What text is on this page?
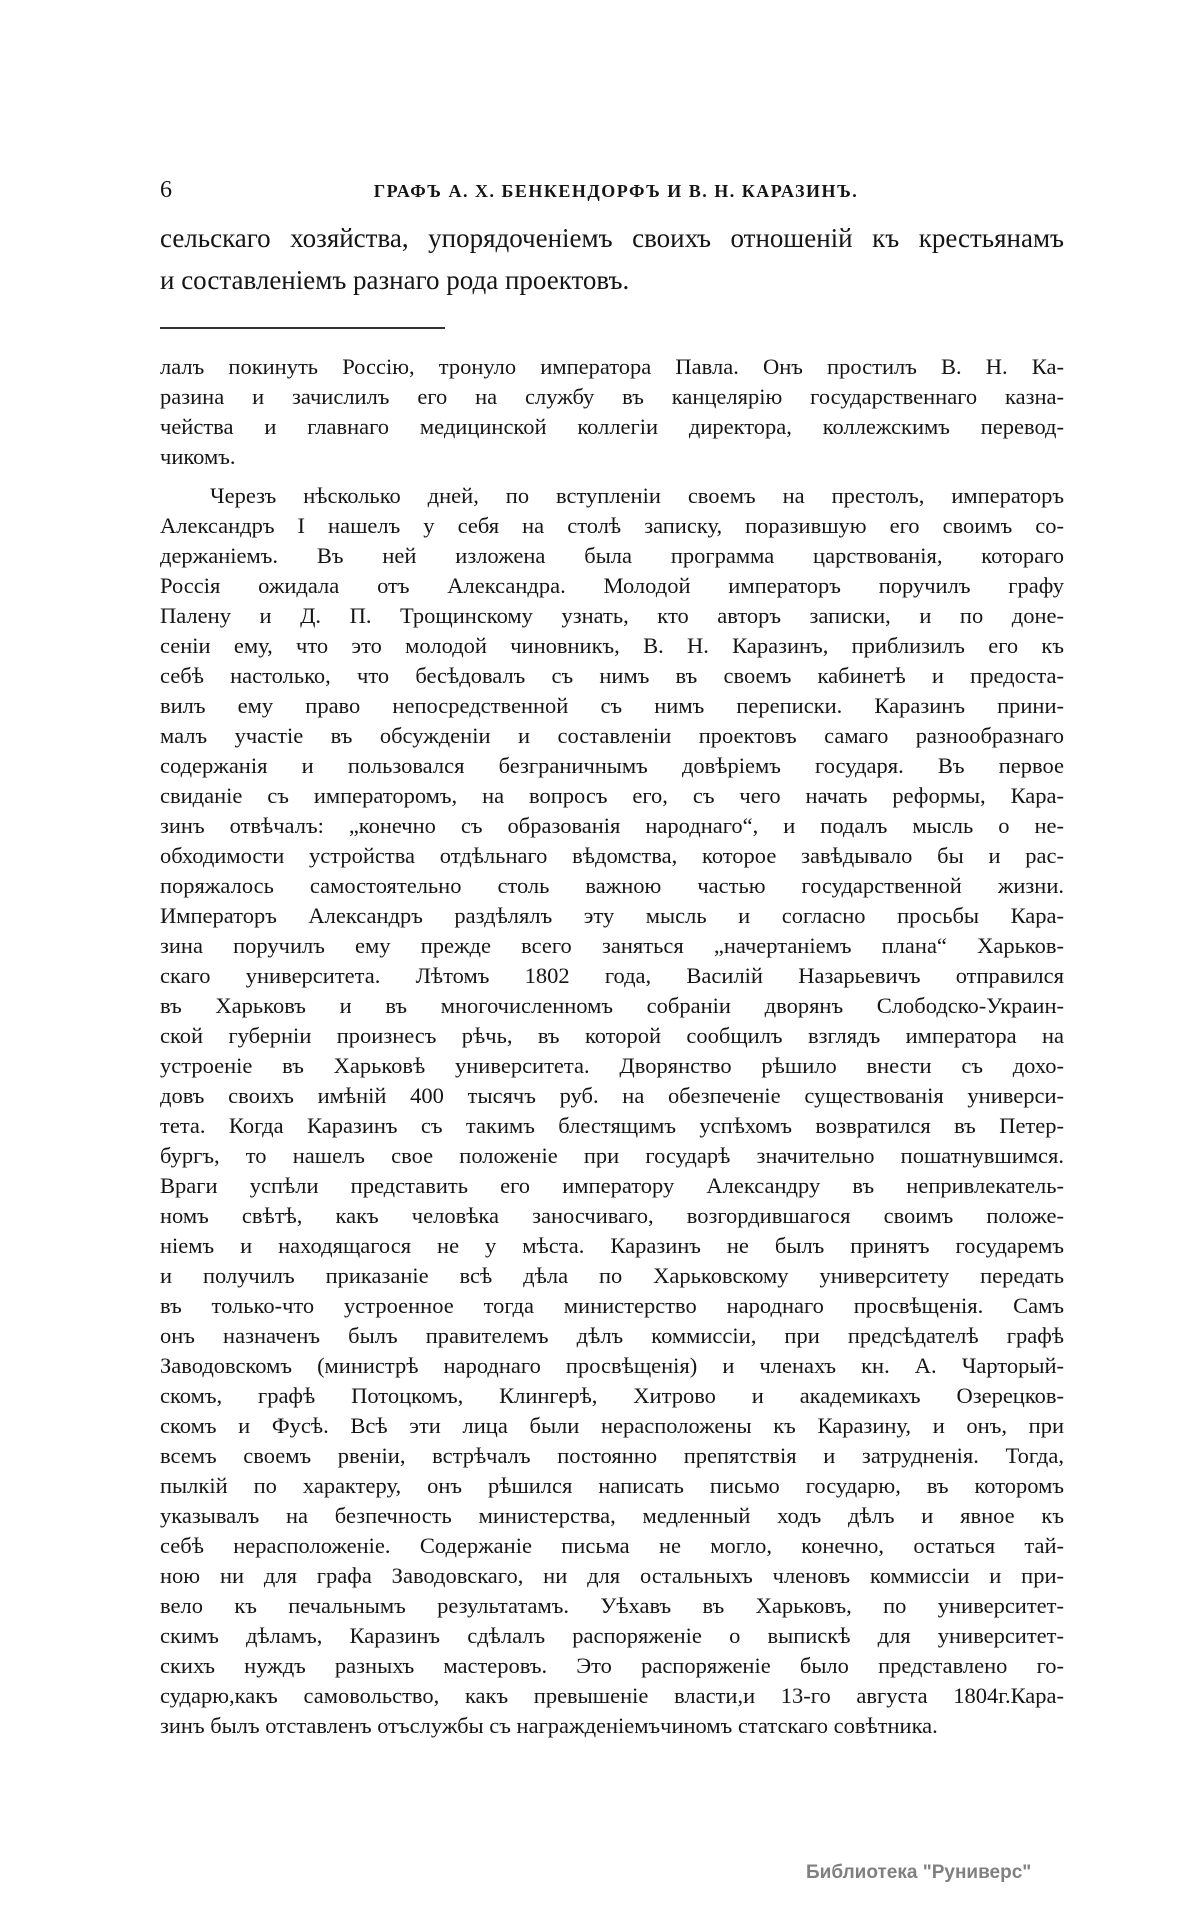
6	ГРАФЪ А. Х. БЕНКЕНДОРФЪ И В. Н. КАРАЗИНЪ.
сельскаго хозяйства, упорядоченіемъ своихъ отношеній къ крестьянамъ
и составленіемъ разнаго рода проектовъ.
лалъ покинуть Россію, тронуло императора Павла. Онъ простилъ В. Н. Ка-
разина и зачислилъ его на службу въ канцелярію государственнаго казна-
чейства и главнаго медицинской коллегіи директора, коллежскимъ перевод-
чикомъ.
Черезъ нѣсколько дней, по вступленіи своемъ на престолъ, императоръ
Александръ I нашелъ у себя на столѣ записку, поразившую его своимъ со-
держаніемъ. Въ ней изложена была программа царствованія, котораго
Россія ожидала отъ Александра. Молодой императоръ поручилъ графу
Палену и Д. П. Трощинскому узнать, кто авторъ записки, и по доне-
сеніи ему, что это молодой чиновникъ, В. Н. Каразинъ, приблизилъ его къ
себѣ настолько, что бесѣдовалъ съ нимъ въ своемъ кабинетѣ и предоста-
вилъ ему право непосредственной съ нимъ переписки. Каразинъ прини-
малъ участіе въ обсужденіи и составленіи проектовъ самаго разнообразнаго
содержанія и пользовался безграничнымъ довѣріемъ государя. Въ первое
свиданіе съ императоромъ, на вопросъ его, съ чего начать реформы, Кара-
зинъ отвѣчалъ: „конечно съ образованія народнаго“, и подалъ мысль о не-
обходимости устройства отдѣльнаго вѣдомства, которое завѣдывало бы и рас-
поряжалось самостоятельно столь важною частью государственной жизни.
Императоръ Александръ раздѣлялъ эту мысль и согласно просьбы Кара-
зина поручилъ ему прежде всего заняться „начертаніемъ плана“ Харьков-
скаго университета. Лѣтомъ 1802 года, Василій Назарьевичъ отправился
въ Харьковъ и въ многочисленномъ собраніи дворянъ Слободско-Украин-
ской губерніи произнесъ рѣчь, въ которой сообщилъ взглядъ императора на
устроеніе въ Харьковѣ университета. Дворянство рѣшило внести съ дохо-
довъ своихъ имѣній 400 тысячъ руб. на обезпеченіе существованія универси-
тета. Когда Каразинъ съ такимъ блестящимъ успѣхомъ возвратился въ Петер-
бургъ, то нашелъ свое положеніе при государѣ значительно пошатнувшимся.
Враги успѣли представить его императору Александру въ непривлекатель-
номъ свѣтѣ, какъ человѣка заносчиваго, возгордившагося своимъ положе-
ніемъ и находящагося не у мѣста. Каразинъ не былъ принятъ государемъ
и получилъ приказаніе всѣ дѣла по Харьковскому университету передать
въ только-что устроенное тогда министерство народнаго просвѣщенія. Самъ
онъ назначенъ былъ правителемъ дѣлъ коммиссіи, при предсѣдателѣ графѣ
Заводовскомъ (министрѣ народнаго просвѣщенія) и членахъ кн. А. Чарторый-
скомъ, графѣ Потоцкомъ, Клингерѣ, Хитрово и академикахъ Озерецков-
скомъ и Фусѣ. Всѣ эти лица были нерасположены къ Каразину, и онъ, при
всемъ своемъ рвеніи, встрѣчалъ постоянно препятствія и затрудненія. Тогда,
пылкій по характеру, онъ рѣшился написать письмо государю, въ которомъ
указывалъ на безпечность министерства, медленный ходъ дѣлъ и явное къ
себѣ нерасположеніе. Содержаніе письма не могло, конечно, остаться тай-
ною ни для графа Заводовскаго, ни для остальныхъ членовъ коммиссіи и при-
вело къ печальнымъ результатамъ. Уѣхавъ въ Харьковъ, по университет-
скимъ дѣламъ, Каразинъ сдѣлалъ распоряженіе о выпискѣ для университет-
скихъ нуждъ разныхъ мастеровъ. Это распоряженіе было представлено го-
сударю,какъ самовольство, какъ превышеніе власти,и 13-го августа 1804г.Кара-
зинъ былъ отставленъ отъслужбы съ награжденіемъчиномъ статскаго совѣтника.
Библиотека "Руниверс"
